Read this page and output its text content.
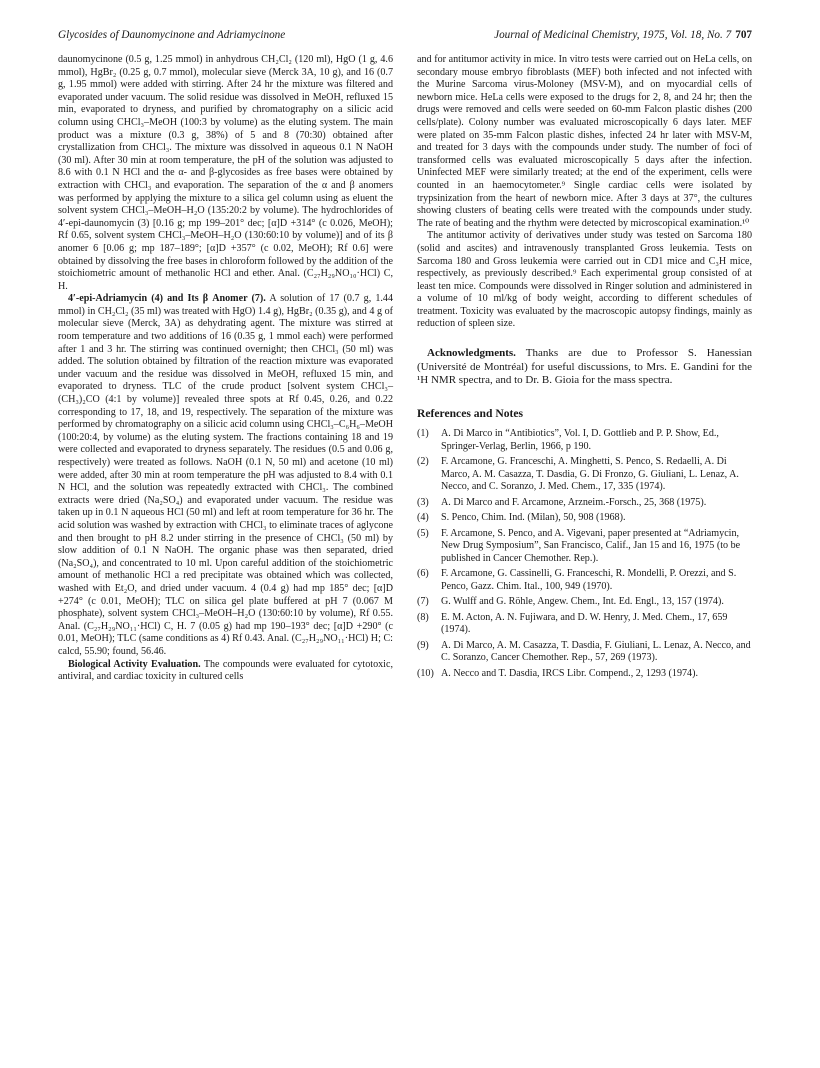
Glycosides of Daunomycinone and Adriamycinone	Journal of Medicinal Chemistry, 1975, Vol. 18, No. 7 707

daunomycinone (0.5 g, 1.25 mmol) in anhydrous CH₂Cl₂ (120 ml), HgO (1 g, 4.6 mmol), HgBr₂ (0.25 g, 0.7 mmol), molecular sieve (Merck 3A, 10 g), and 16 (0.7 g, 1.95 mmol) were added with stirring. After 24 hr the mixture was filtered and evaporated under vacuum. The solid residue was dissolved in MeOH, refluxed 15 min, evaporated to dryness, and purified by chromatography on a silicic acid column using CHCl₃–MeOH (100:3 by volume) as the eluting system. The main product was a mixture (0.3 g, 38%) of 5 and 8 (70:30) obtained after crystallization from CHCl₃. The mixture was dissolved in aqueous 0.1 N NaOH (30 ml). After 30 min at room temperature, the pH of the solution was adjusted to 8.6 with 0.1 N HCl and the α- and β-glycosides as free bases were obtained by extraction with CHCl₃ and evaporation. The separation of the α and β anomers was performed by applying the mixture to a silica gel column using as eluent the solvent system CHCl₃–MeOH–H₂O (135:20:2 by volume). The hydrochlorides of 4′-epi-daunomycin (3) [0.16 g; mp 199–201° dec; [α]D +314° (c 0.026, MeOH); Rf 0.65, solvent system CHCl₃–MeOH–H₂O (130:60:10 by volume)] and of its β anomer 6 [0.06 g; mp 187–189°; [α]D +357° (c 0.02, MeOH); Rf 0.6] were obtained by dissolving the free bases in chloroform followed by the addition of the stoichiometric amount of methanolic HCl and ether. Anal. (C₂₇H₂₉NO₁₀·HCl) C, H.

4′-epi-Adriamycin (4) and Its β Anomer (7). A solution of 17 (0.7 g, 1.44 mmol) in CH₂Cl₂ (35 ml) was treated with HgO) 1.4 g), HgBr₂ (0.35 g), and 4 g of molecular sieve (Merck, 3A) as dehydrating agent. The mixture was stirred at room temperature and two additions of 16 (0.35 g, 1 mmol each) were performed after 1 and 3 hr. The stirring was continued overnight; then CHCl₃ (50 ml) was added. The solution obtained by filtration of the reaction mixture was evaporated under vacuum and the residue was dissolved in MeOH, refluxed 15 min, and evaporated to dryness. TLC of the crude product [solvent system CHCl₃–(CH₃)₂CO (4:1 by volume)] revealed three spots at Rf 0.45, 0.26, and 0.22 corresponding to 17, 18, and 19, respectively. The separation of the mixture was performed by chromatography on a silicic acid column using CHCl₃–C₆H₆–MeOH (100:20:4, by volume) as the eluting system. The fractions containing 18 and 19 were collected and evaporated to dryness separately. The residues (0.5 and 0.06 g, respectively) were treated as follows. NaOH (0.1 N, 50 ml) and acetone (10 ml) were added, after 30 min at room temperature the pH was adjusted to 8.4 with 0.1 N HCl, and the solution was repeatedly extracted with CHCl₃. The combined extracts were dried (Na₂SO₄) and evaporated under vacuum. The residue was taken up in 0.1 N aqueous HCl (50 ml) and left at room temperature for 36 hr. The acid solution was washed by extraction with CHCl₃ to eliminate traces of aglycone and then brought to pH 8.2 under stirring in the presence of CHCl₃ (50 ml) by slow addition of 0.1 N NaOH. The organic phase was then separated, dried (Na₂SO₄), and concentrated to 10 ml. Upon careful addition of the stoichiometric amount of methanolic HCl a red precipitate was obtained which was collected, washed with Et₂O, and dried under vacuum. 4 (0.4 g) had mp 185° dec; [α]D +274° (c 0.01, MeOH); TLC on silica gel plate buffered at pH 7 (0.067 M phosphate), solvent system CHCl₃–MeOH–H₂O (130:60:10 by volume), Rf 0.55. Anal. (C₂₇H₂₉NO₁₁·HCl) C, H. 7 (0.05 g) had mp 190–193° dec; [α]D +290° (c 0.01, MeOH); TLC (same conditions as 4) Rf 0.43. Anal. (C₂₇H₂₉NO₁₁·HCl) H; C: calcd, 55.90; found, 56.46.

Biological Activity Evaluation. The compounds were evaluated for cytotoxic, antiviral, and cardiac toxicity in cultured cells

and for antitumor activity in mice. In vitro tests were carried out on HeLa cells, on secondary mouse embryo fibroblasts (MEF) both infected and not infected with the Murine Sarcoma virus-Moloney (MSV-M), and on myocardial cells of newborn mice. HeLa cells were exposed to the drugs for 2, 8, and 24 hr; then the drugs were removed and cells were seeded on 60-mm Falcon plastic dishes (200 cells/plate). Colony number was evaluated microscopically 6 days later. MEF were plated on 35-mm Falcon plastic dishes, infected 24 hr later with MSV-M, and treated for 3 days with the compounds under study. The number of foci of transformed cells was evaluated microscopically 5 days after the infection. Uninfected MEF were similarly treated; at the end of the experiment, cells were counted in an haemocytometer.⁹ Single cardiac cells were isolated by trypsinization from the heart of newborn mice. After 3 days at 37°, the cultures showing clusters of beating cells were treated with the compounds under study. The rate of beating and the rhythm were detected by microscopical examination.¹⁰

The antitumor activity of derivatives under study was tested on Sarcoma 180 (solid and ascites) and intravenously transplanted Gross leukemia. Tests on Sarcoma 180 and Gross leukemia were carried out in CD1 mice and C₃H mice, respectively, as previously described.⁹ Each experimental group consisted of at least ten mice. Compounds were dissolved in Ringer solution and administered in a volume of 10 ml/kg of body weight, according to different schedules of treatment. Toxicity was evaluated by the macroscopic autopsy findings, mainly as reduction of spleen size.

Acknowledgments. Thanks are due to Professor S. Hanessian (Université de Montréal) for useful discussions, to Mrs. E. Gandini for the ¹H NMR spectra, and to Dr. B. Gioia for the mass spectra.

References and Notes
(1)	A. Di Marco in “Antibiotics”, Vol. I, D. Gottlieb and P. P. Show, Ed., Springer-Verlag, Berlin, 1966, p 190.
(2)	F. Arcamone, G. Franceschi, A. Minghetti, S. Penco, S. Redaelli, A. Di Marco, A. M. Casazza, T. Dasdia, G. Di Fronzo, G. Giuliani, L. Lenaz, A. Necco, and C. Soranzo, J. Med. Chem., 17, 335 (1974).
(3)	A. Di Marco and F. Arcamone, Arzneim.-Forsch., 25, 368 (1975).
(4)	S. Penco, Chim. Ind. (Milan), 50, 908 (1968).
(5)	F. Arcamone, S. Penco, and A. Vigevani, paper presented at “Adriamycin, New Drug Symposium”, San Francisco, Calif., Jan 15 and 16, 1975 (to be published in Cancer Chemother. Rep.).
(6)	F. Arcamone, G. Cassinelli, G. Franceschi, R. Mondelli, P. Orezzi, and S. Penco, Gazz. Chim. Ital., 100, 949 (1970).
(7)	G. Wulff and G. Röhle, Angew. Chem., Int. Ed. Engl., 13, 157 (1974).
(8)	E. M. Acton, A. N. Fujiwara, and D. W. Henry, J. Med. Chem., 17, 659 (1974).
(9)	A. Di Marco, A. M. Casazza, T. Dasdia, F. Giuliani, L. Lenaz, A. Necco, and C. Soranzo, Cancer Chemother. Rep., 57, 269 (1973).
(10) A. Necco and T. Dasdia, IRCS Libr. Compend., 2, 1293 (1974).
